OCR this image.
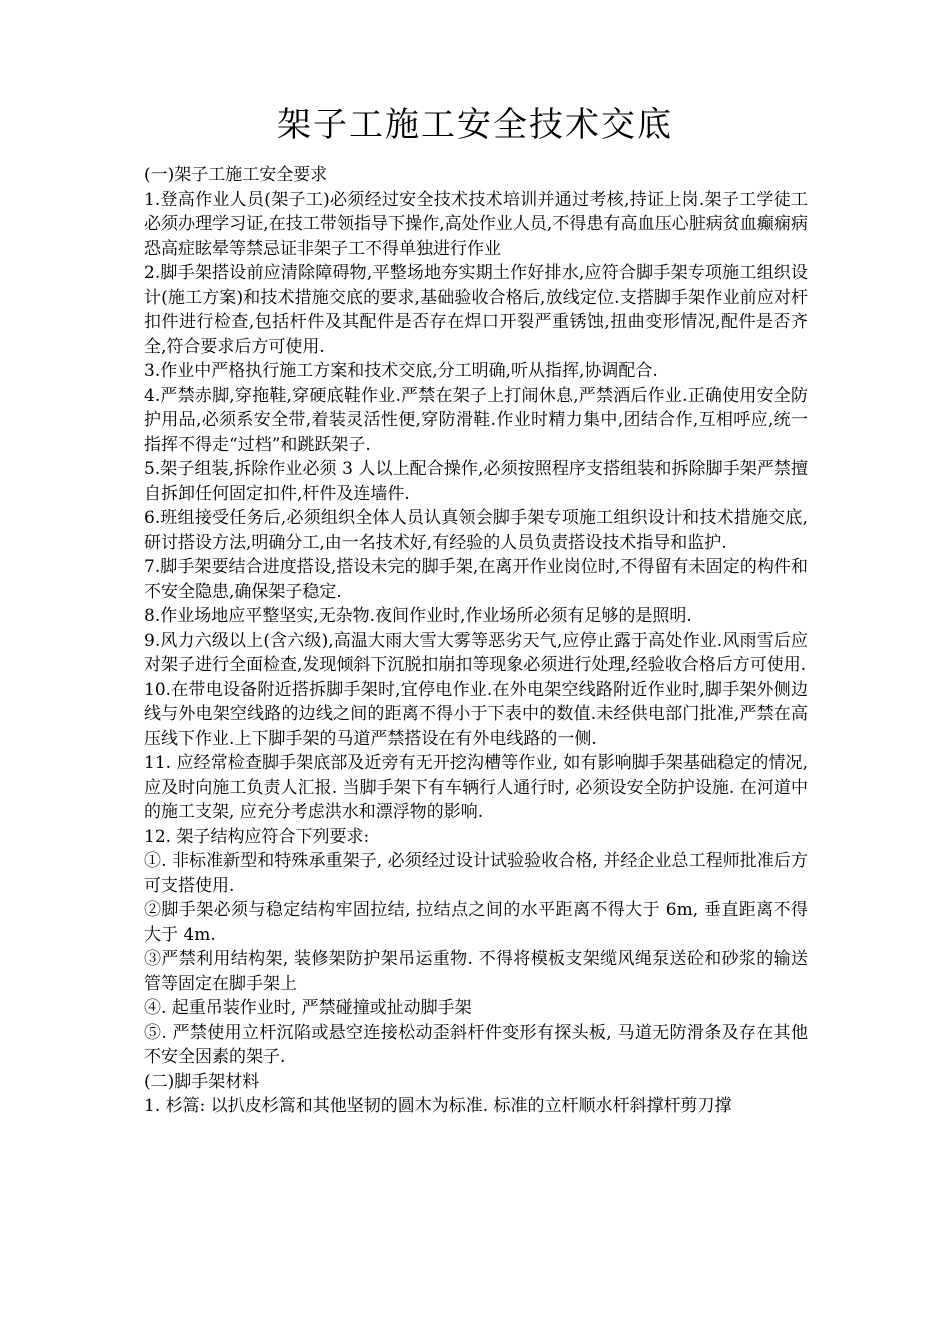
架子工施工安全技术交底

(一)架子工施工安全要求

1.登高作业人员(架子工)必须经过安全技术技术培训并通过考核,持证上岗.架子工学徒工必须办理学习证,在技工带领指导下操作,高处作业人员,不得患有高血压心脏病贫血癫痫病恐高症眩晕等禁忌证非架子工不得单独进行作业

2.脚手架搭设前应清除障碍物,平整场地夯实期土作好排水,应符合脚手架专项施工组织设计(施工方案)和技术措施交底的要求,基础验收合格后,放线定位.支搭脚手架作业前应对杆扣件进行检查,包括杆件及其配件是否存在焊口开裂严重锈蚀,扭曲变形情况,配件是否齐全,符合要求后方可使用.

3.作业中严格执行施工方案和技术交底,分工明确,听从指挥,协调配合.

4.严禁赤脚,穿拖鞋,穿硬底鞋作业.严禁在架子上打闹休息,严禁酒后作业.正确使用安全防护用品,必须系安全带,着装灵活性便,穿防滑鞋.作业时精力集中,团结合作,互相呼应,统一指挥不得走“过档”和跳跃架子.

5.架子组装,拆除作业必须 3 人以上配合操作,必须按照程序支搭组装和拆除脚手架严禁擅自拆卸任何固定扣件,杆件及连墙件.

6.班组接受任务后,必须组织全体人员认真领会脚手架专项施工组织设计和技术措施交底,研讨搭设方法,明确分工,由一名技术好,有经验的人员负责搭设技术指导和监护.

7.脚手架要结合进度搭设,搭设未完的脚手架,在离开作业岗位时,不得留有未固定的构件和不安全隐患,确保架子稳定.

8.作业场地应平整坚实,无杂物.夜间作业时,作业场所必须有足够的是照明.

9.风力六级以上(含六级),高温大雨大雪大雾等恶劣天气,应停止露于高处作业.风雨雪后应对架子进行全面检查,发现倾斜下沉脱扣崩扣等现象必须进行处理,经验收合格后方可使用.

10.在带电设备附近搭拆脚手架时,宜停电作业.在外电架空线路附近作业时,脚手架外侧边线与外电架空线路的边线之间的距离不得小于下表中的数值.未经供电部门批准,严禁在高压线下作业.上下脚手架的马道严禁搭设在有外电线路的一侧.

11. 应经常检查脚手架底部及近旁有无开挖沟槽等作业, 如有影响脚手架基础稳定的情况, 应及时向施工负责人汇报. 当脚手架下有车辆行人通行时, 必须设安全防护设施. 在河道中的施工支架, 应充分考虑洪水和漂浮物的影响.

12. 架子结构应符合下列要求:

①. 非标准新型和特殊承重架子, 必须经过设计试验验收合格, 并经企业总工程师批准后方可支搭使用.

②脚手架必须与稳定结构牢固拉结, 拉结点之间的水平距离不得大于 6m, 垂直距离不得大于 4m.

③严禁利用结构架, 装修架防护架吊运重物. 不得将模板支架缆风绳泵送砼和砂浆的输送管等固定在脚手架上

④. 起重吊装作业时, 严禁碰撞或扯动脚手架

⑤. 严禁使用立杆沉陷或悬空连接松动歪斜杆件变形有探头板, 马道无防滑条及存在其他不安全因素的架子.

(二)脚手架材料

1. 杉篙: 以扒皮杉篙和其他坚韧的圆木为标准. 标准的立杆顺水杆斜撑杆剪刀撑
